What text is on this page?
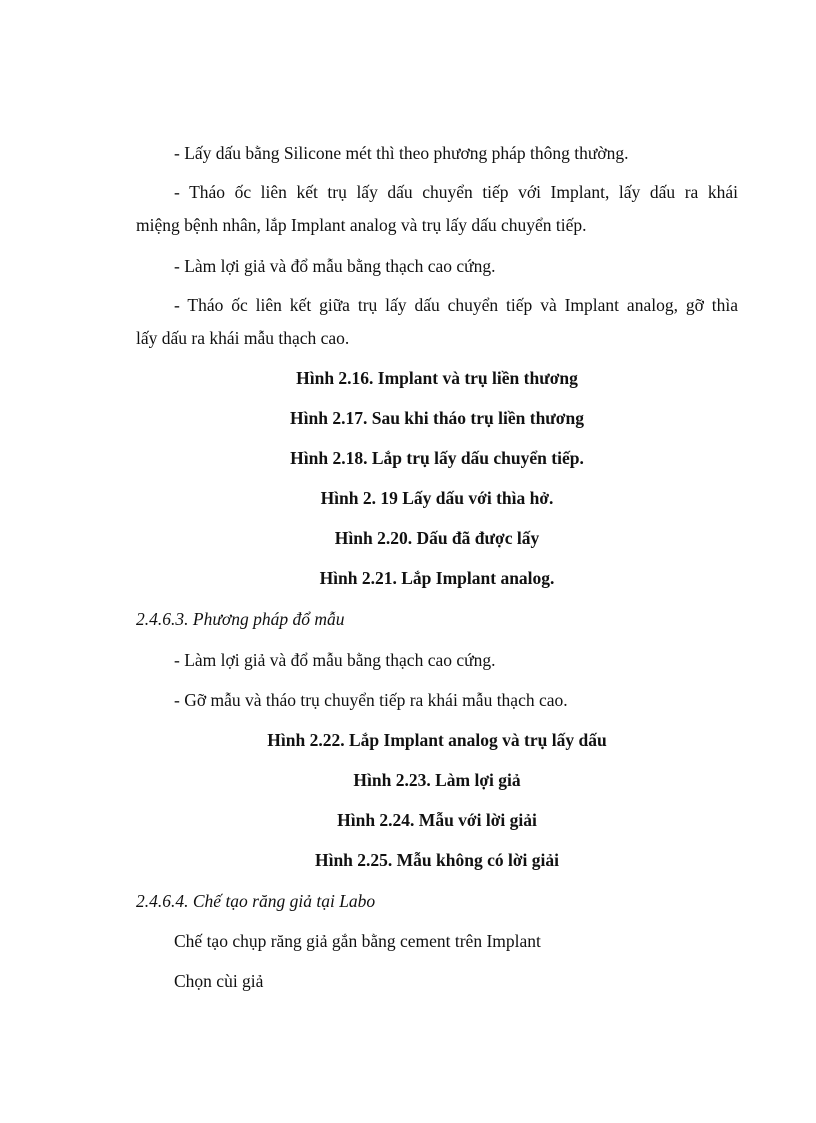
- Lấy dấu bằng Silicone mét thì theo phương pháp thông thường.
- Tháo ốc liên kết trụ lấy dấu chuyển tiếp với Implant, lấy dấu ra khái
miệng bệnh nhân, lắp Implant analog và trụ lấy dấu chuyển tiếp.
- Làm lợi giả và đổ mẫu bằng thạch cao cứng.
- Tháo ốc liên kết giữa trụ lấy dấu chuyển tiếp và Implant analog, gỡ thìa
lấy dấu ra khái mẫu thạch cao.
Hình 2.16. Implant và trụ liền thương
Hình 2.17. Sau khi tháo trụ liền thương
Hình 2.18. Lắp trụ lấy dấu chuyển tiếp.
Hình 2. 19 Lấy dấu với thìa hở.
Hình 2.20. Dấu đã được lấy
Hình 2.21. Lắp Implant analog.
2.4.6.3. Phương pháp đổ mẫu
- Làm lợi giả và đổ mẫu bằng thạch cao cứng.
- Gỡ mẫu và tháo trụ chuyển tiếp ra khái mẫu thạch cao.
Hình 2.22. Lắp Implant analog và trụ lấy dấu
Hình 2.23. Làm lợi giả
Hình 2.24. Mẫu với lời giải
Hình 2.25. Mẫu không có lời giải
2.4.6.4. Chế tạo răng giả tại Labo
Chế tạo chụp răng giả gắn bằng cement trên Implant
Chọn cùi giả
